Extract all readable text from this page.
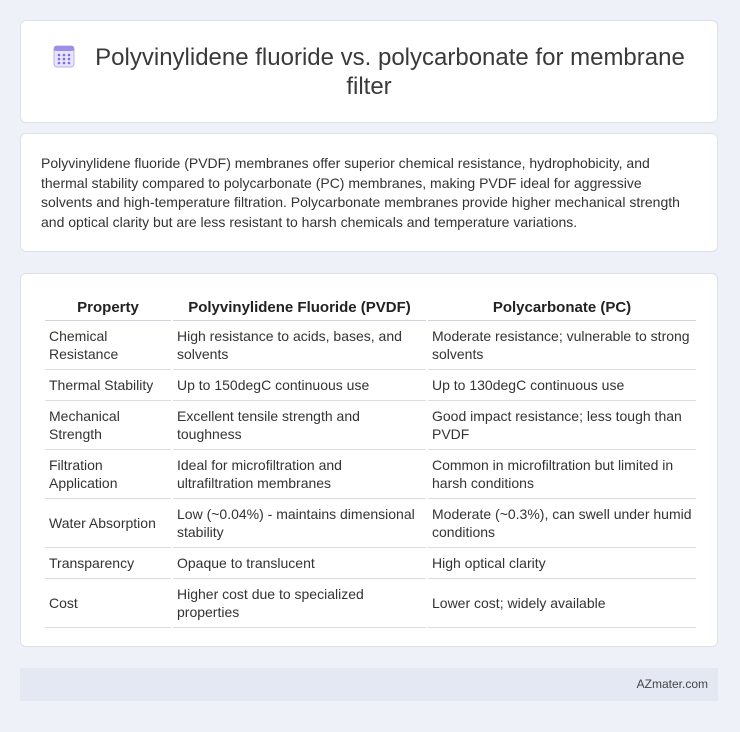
Polyvinylidene fluoride vs. polycarbonate for membrane filter

Polyvinylidene fluoride (PVDF) membranes offer superior chemical resistance, hydrophobicity, and thermal stability compared to polycarbonate (PC) membranes, making PVDF ideal for aggressive solvents and high-temperature filtration. Polycarbonate membranes provide higher mechanical strength and optical clarity but are less resistant to harsh chemicals and temperature variations.

Property	Polyvinylidene Fluoride (PVDF)	Polycarbonate (PC)
Chemical Resistance	High resistance to acids, bases, and solvents	Moderate resistance; vulnerable to strong solvents
Thermal Stability	Up to 150degC continuous use	Up to 130degC continuous use
Mechanical Strength	Excellent tensile strength and toughness	Good impact resistance; less tough than PVDF
Filtration Application	Ideal for microfiltration and ultrafiltration membranes	Common in microfiltration but limited in harsh conditions
Water Absorption	Low (~0.04%) - maintains dimensional stability	Moderate (~0.3%), can swell under humid conditions
Transparency	Opaque to translucent	High optical clarity
Cost	Higher cost due to specialized properties	Lower cost; widely available
AZmater.com
